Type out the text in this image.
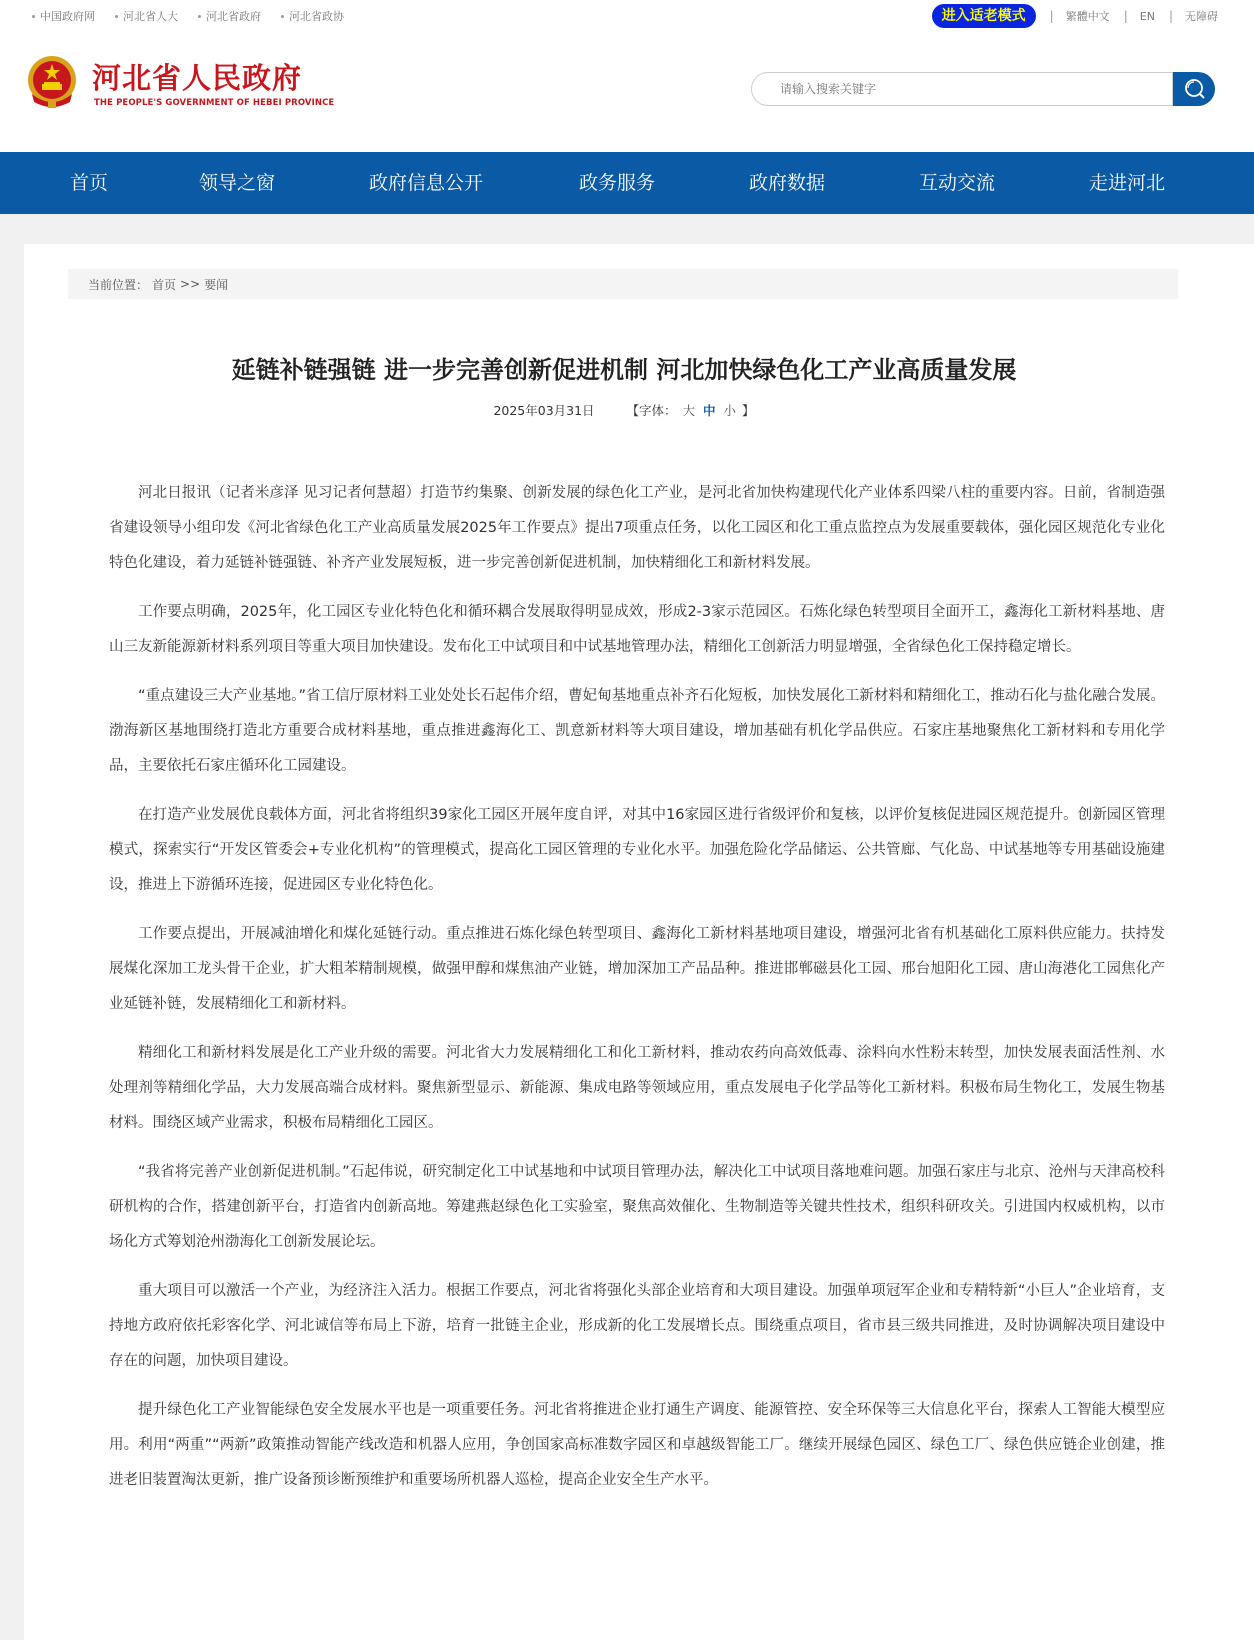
中国政府网	河北省人大	河北省政府	河北省政协	进入适老模式	| 繁體中文 | EN | 无障碍
河北省人民政府
THE PEOPLE'S GOVERNMENT OF HEBEI PROVINCE
请输入搜索关键字
首页	领导之窗	政府信息公开	政务服务	政府数据	互动交流	走进河北
当前位置： 首页 >> 要闻
延链补链强链 进一步完善创新促进机制 河北加快绿色化工产业高质量发展
2025年03月31日	【字体： 大 中 小 】

河北日报讯（记者米彦泽 见习记者何慧超）打造节约集聚、创新发展的绿色化工产业，是河北省加快构建现代化产业体系四梁八柱的重要内容。日前，省制造强省建设领导小组印发《河北省绿色化工产业高质量发展2025年工作要点》提出7项重点任务，以化工园区和化工重点监控点为发展重要载体，强化园区规范化专业化特色化建设，着力延链补链强链、补齐产业发展短板，进一步完善创新促进机制，加快精细化工和新材料发展。

工作要点明确，2025年，化工园区专业化特色化和循环耦合发展取得明显成效，形成2-3家示范园区。石炼化绿色转型项目全面开工，鑫海化工新材料基地、唐山三友新能源新材料系列项目等重大项目加快建设。发布化工中试项目和中试基地管理办法，精细化工创新活力明显增强，全省绿色化工保持稳定增长。

“重点建设三大产业基地。”省工信厅原材料工业处处长石起伟介绍，曹妃甸基地重点补齐石化短板，加快发展化工新材料和精细化工，推动石化与盐化融合发展。渤海新区基地围绕打造北方重要合成材料基地，重点推进鑫海化工、凯意新材料等大项目建设，增加基础有机化学品供应。石家庄基地聚焦化工新材料和专用化学品，主要依托石家庄循环化工园建设。

在打造产业发展优良载体方面，河北省将组织39家化工园区开展年度自评，对其中16家园区进行省级评价和复核，以评价复核促进园区规范提升。创新园区管理模式，探索实行“开发区管委会+专业化机构”的管理模式，提高化工园区管理的专业化水平。加强危险化学品储运、公共管廊、气化岛、中试基地等专用基础设施建设，推进上下游循环连接，促进园区专业化特色化。

工作要点提出，开展减油增化和煤化延链行动。重点推进石炼化绿色转型项目、鑫海化工新材料基地项目建设，增强河北省有机基础化工原料供应能力。扶持发展煤化深加工龙头骨干企业，扩大粗苯精制规模，做强甲醇和煤焦油产业链，增加深加工产品品种。推进邯郸磁县化工园、邢台旭阳化工园、唐山海港化工园焦化产业延链补链，发展精细化工和新材料。

精细化工和新材料发展是化工产业升级的需要。河北省大力发展精细化工和化工新材料，推动农药向高效低毒、涂料向水性粉末转型，加快发展表面活性剂、水处理剂等精细化学品，大力发展高端合成材料。聚焦新型显示、新能源、集成电路等领域应用，重点发展电子化学品等化工新材料。积极布局生物化工，发展生物基材料。围绕区域产业需求，积极布局精细化工园区。

“我省将完善产业创新促进机制。”石起伟说，研究制定化工中试基地和中试项目管理办法，解决化工中试项目落地难问题。加强石家庄与北京、沧州与天津高校科研机构的合作，搭建创新平台，打造省内创新高地。筹建燕赵绿色化工实验室，聚焦高效催化、生物制造等关键共性技术，组织科研攻关。引进国内权威机构，以市场化方式筹划沧州渤海化工创新发展论坛。

重大项目可以激活一个产业，为经济注入活力。根据工作要点，河北省将强化头部企业培育和大项目建设。加强单项冠军企业和专精特新“小巨人”企业培育，支持地方政府依托彩客化学、河北诚信等布局上下游，培育一批链主企业，形成新的化工发展增长点。围绕重点项目，省市县三级共同推进，及时协调解决项目建设中存在的问题，加快项目建设。

提升绿色化工产业智能绿色安全发展水平也是一项重要任务。河北省将推进企业打通生产调度、能源管控、安全环保等三大信息化平台，探索人工智能大模型应用。利用“两重”“两新”政策推动智能产线改造和机器人应用，争创国家高标准数字园区和卓越级智能工厂。继续开展绿色园区、绿色工厂、绿色供应链企业创建，推进老旧装置淘汰更新，推广设备预诊断预维护和重要场所机器人巡检，提高企业安全生产水平。
